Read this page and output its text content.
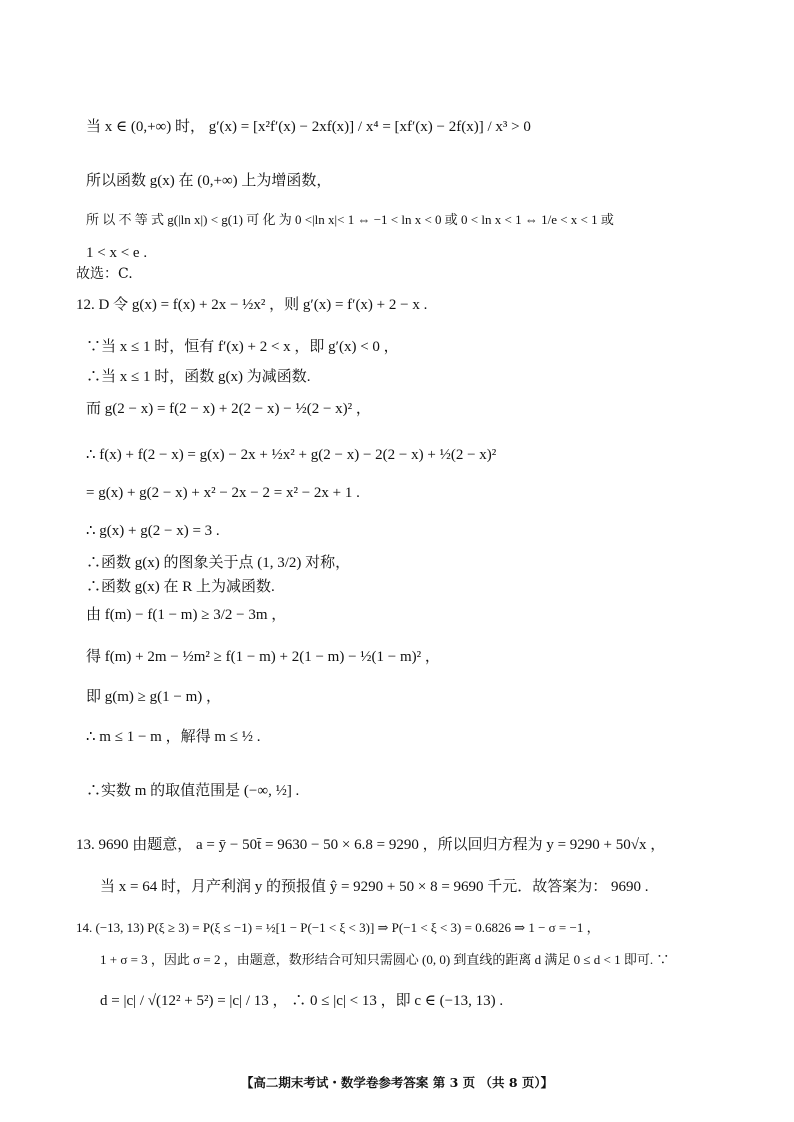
当 x ∈ (0,+∞) 时， g′(x) = [x²f′(x) − 2xf(x)] / x⁴ = [xf′(x) − 2f(x)] / x³ > 0
所以函数 g(x) 在 (0,+∞) 上为增函数，
所 以 不 等 式 g(|ln x|) < g(1) 可 化 为 0 <|ln x|< 1 ⇔ −1 < ln x < 0 或 0 < ln x < 1 ⇔ 1/e < x < 1 或
1 < x < e .
故选：C.
12. D 令 g(x) = f(x) + 2x − ½x² ，则 g′(x) = f′(x) + 2 − x .
∵当 x ≤ 1 时，恒有 f′(x) + 2 < x ，即 g′(x) < 0 ，
∴当 x ≤ 1 时，函数 g(x) 为减函数.
而 g(2 − x) = f(2 − x) + 2(2 − x) − ½(2 − x)² ，
∴ f(x) + f(2 − x) = g(x) − 2x + ½x² + g(2 − x) − 2(2 − x) + ½(2 − x)²
= g(x) + g(2 − x) + x² − 2x − 2 = x² − 2x + 1 .
∴ g(x) + g(2 − x) = 3 .
∴函数 g(x) 的图象关于点 (1, 3/2) 对称，
∴函数 g(x) 在 R 上为减函数.
由 f(m) − f(1 − m) ≥ 3/2 − 3m ，
得 f(m) + 2m − ½m² ≥ f(1 − m) + 2(1 − m) − ½(1 − m)² ，
即 g(m) ≥ g(1 − m) ，
∴ m ≤ 1 − m ，解得 m ≤ ½ .
∴实数 m 的取值范围是 (−∞, ½] .
13. 9690 由题意， a = ȳ − 50t̄ = 9630 − 50 × 6.8 = 9290 ，所以回归方程为 y = 9290 + 50√x ，
当 x = 64 时，月产利润 y 的预报值 ŷ = 9290 + 50 × 8 = 9690 千元．故答案为： 9690 .
14. (−13, 13) P(ξ ≥ 3) = P(ξ ≤ −1) = ½[1 − P(−1 < ξ < 3)] ⇒ P(−1 < ξ < 3) = 0.6826 ⇒ 1 − σ = −1 ，
1 + σ = 3 ，因此 σ = 2 ，由题意，数形结合可知只需圆心 (0, 0) 到直线的距离 d 满足 0 ≤ d < 1 即可. ∵
d = |c| / √(12² + 5²) = |c| / 13 ， ∴ 0 ≤ |c| < 13 ，即 c ∈ (−13, 13) .
【高二期末考试・数学卷参考答案 第 3 页 （共 8 页）】
